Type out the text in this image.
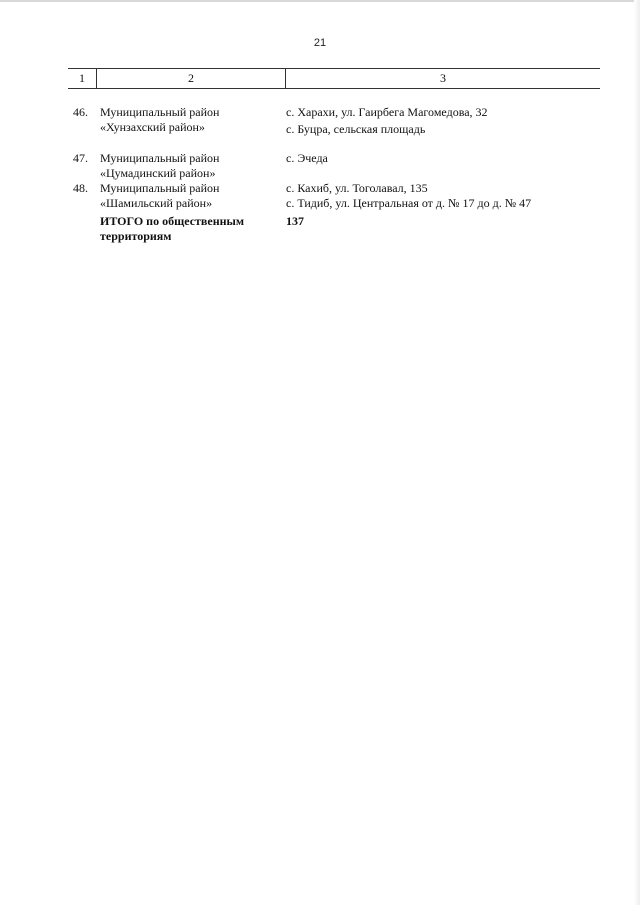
21
1	2	3
46. Муниципальный район
«Хунзахский район»
с. Харахи, ул. Гаирбега Магомедова, 32
с. Буцра, сельская площадь
47. Муниципальный район
«Цумадинский район»
с. Эчеда
48. Муниципальный район
«Шамильский район»
с. Кахиб, ул. Тоголавал, 135
с. Тидиб, ул. Центральная от д. № 17 до д. № 47
ИТОГО по общественным
территориям
137
